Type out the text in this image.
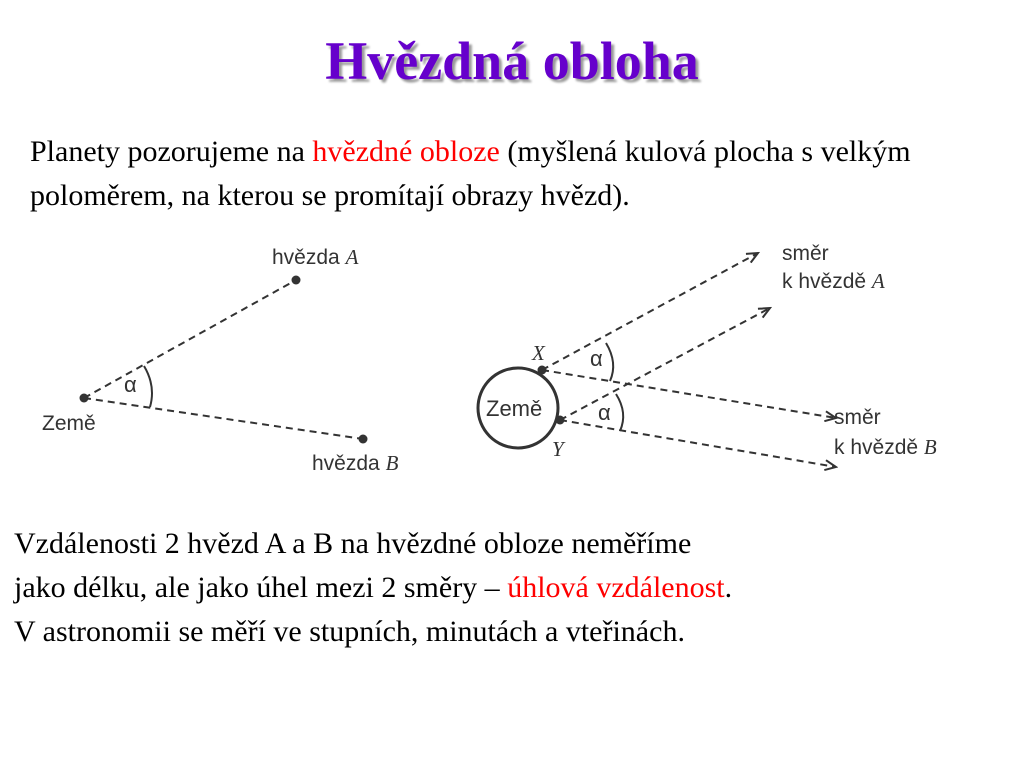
Hvězdná obloha
Planety pozorujeme na hvězdné obloze (myšlená kulová plocha s velkým poloměrem, na kterou se promítají obrazy hvězd).
α
hvězda A
Země
hvězda B
Země
α
α
X
Y
směr
k hvězdě A
směr
k hvězdě B
Vzdálenosti 2 hvězd A a B na hvězdné obloze neměříme
jako délku, ale jako úhel mezi 2 směry – úhlová vzdálenost.
V astronomii se měří ve stupních, minutách a vteřinách.
